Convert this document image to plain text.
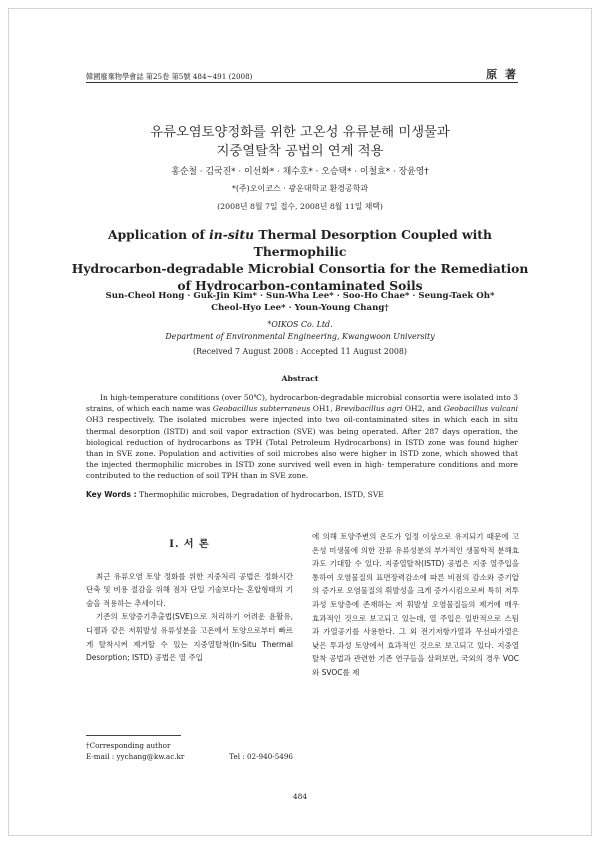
韓國廢棄物學會誌 第25卷 第5號 484~491 (2008)	原 著
유류오염토양정화를 위한 고온성 유류분해 미생물과
지중열탈착 공법의 연계 적용
홍순철 · 김국진* · 이선화* · 채수호* · 오승택* · 이철효* · 장윤영†
*(주)오이코스 · 광운대학교 환경공학과
(2008년 8월 7일 접수, 2008년 8월 11일 채택)
Application of in-situ Thermal Desorption Coupled with Thermophilic
Hydrocarbon-degradable Microbial Consortia for the Remediation
of Hydrocarbon-contaminated Soils
Sun-Cheol Hong · Guk-Jin Kim* · Sun-Wha Lee* · Soo-Ho Chae* · Seung-Taek Oh*
Cheol-Hyo Lee* · Youn-Young Chang†
*OIKOS Co. Ltd.
Department of Environmental Engineering, Kwangwoon University
(Received 7 August 2008 : Accepted 11 August 2008)
Abstract

In high-temperature conditions (over 50℃), hydrocarbon-degradable microbial consortia were isolated into 3 strains, of which each name was Geobacillus subterraneus OH1, Brevibacillus agri OH2, and Geobacillus vulcani OH3 respectively. The isolated microbes were injected into two oil-contaminated sites in which each in situ thermal desorption (ISTD) and soil vapor extraction (SVE) was being operated. After 287 days operation, the biological reduction of hydrocarbons as TPH (Total Petroleum Hydrocarbons) in ISTD zone was found higher than in SVE zone. Population and activities of soil microbes also were higher in ISTD zone, which showed that the injected thermophilic microbes in ISTD zone survived well even in high- temperature conditions and more contributed to the reduction of soil TPH than in SVE zone.

Key Words : Thermophilic microbes, Degradation of hydrocarbon, ISTD, SVE
Ⅰ. 서 론

최근 유류오염 토양 정화를 위한 지중처리 공법은 정화시간 단축 및 비용 절감을 위해 점차 단일 기술보다는 혼합형태의 기술을 적용하는 추세이다.

기존의 토양증기추출법(SVE)으로 처리하기 어려운 윤활유, 디젤과 같은 저휘발성 유류성분을 고온에서 토양으로부터 빠르게 탈착시켜 제거할 수 있는 지중열탈착(In-Situ Thermal Desorption; ISTD) 공법은 열 주입

에 의해 토양주변의 온도가 일정 이상으로 유지되기 때문에 고온성 미생물에 의한 잔류 유류성분의 부가적인 생물학적 분해효과도 기대할 수 있다. 지중열탈착(ISTD) 공법은 지중 열주입을 통하여 오염물질의 표면장력감소에 따른 비점의 감소와 증기압의 증가로 오염물질의 휘발성을 크게 증가시킴으로써 특히 저투과성 토양층에 존재하는 저 휘발성 오염물질들의 제거에 매우 효과적인 것으로 보고되고 있는데, 열 주입은 일반적으로 스팀과 가열공기를 사용한다. 그 외 전기저항가열과 무선파가열은 낮은 투과성 토양에서 효과적인 것으로 보고되고 있다. 지중열탈착 공법과 관련한 기존 연구들을 살펴보면, 국외의 경우 VOC와 SVOC를 제

†Corresponding author
E-mail : yychang@kw.ac.kr	Tel : 02-940-5496
484
